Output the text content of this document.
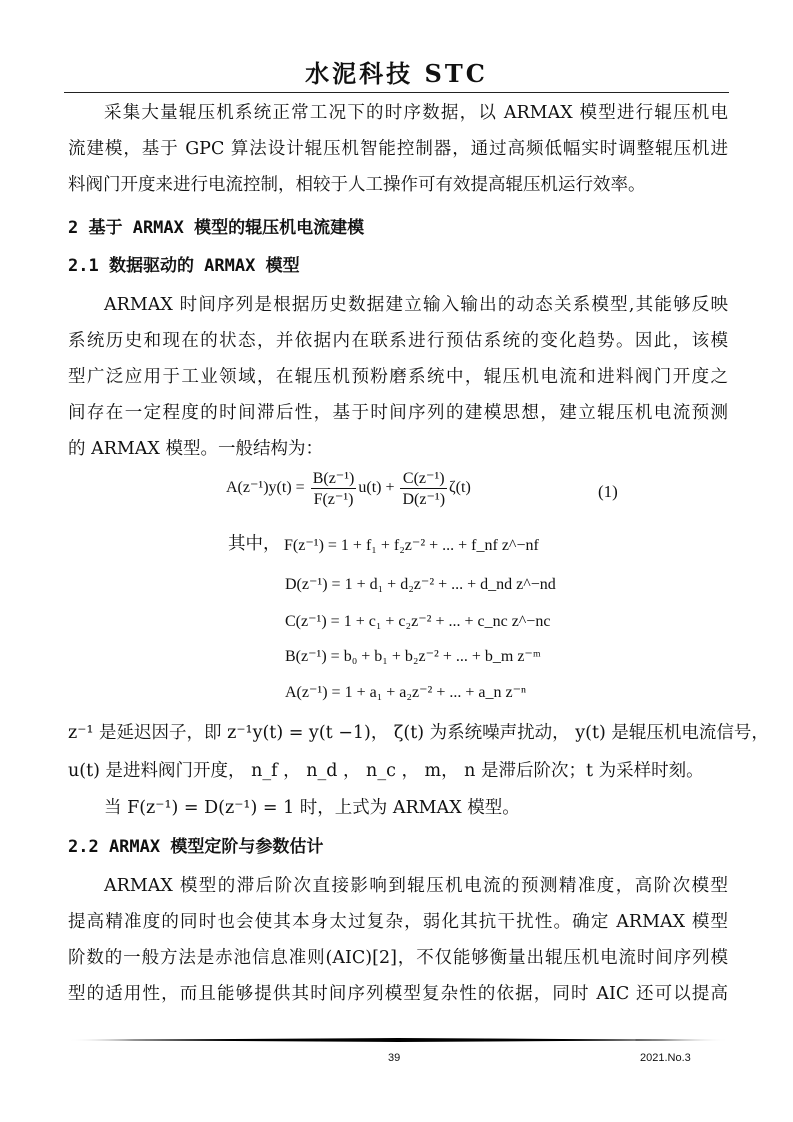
水泥科技 STC
采集大量辊压机系统正常工况下的时序数据，以 ARMAX 模型进行辊压机电
流建模，基于 GPC 算法设计辊压机智能控制器，通过高频低幅实时调整辊压机进
料阀门开度来进行电流控制，相较于人工操作可有效提高辊压机运行效率。
2 基于 ARMAX 模型的辊压机电流建模
2.1 数据驱动的 ARMAX 模型
ARMAX 时间序列是根据历史数据建立输入输出的动态关系模型,其能够反映
系统历史和现在的状态，并依据内在联系进行预估系统的变化趋势。因此，该模
型广泛应用于工业领域，在辊压机预粉磨系统中，辊压机电流和进料阀门开度之
间存在一定程度的时间滞后性，基于时间序列的建模思想，建立辊压机电流预测
的 ARMAX 模型。一般结构为：
$A(z^{-1})y(t) = \frac{\text{B(z⁻¹)}}{\text{F(z⁻¹)}} u(t) + \frac{\text{C(z⁻¹)}}{\text{D(z⁻¹)}} \zeta(t)$	(1)
其中， F(z⁻¹) = 1 + f₁ + f₂z⁻² + ... + f_nf z^−nf
D(z⁻¹) = 1 + d₁ + d₂z⁻² + ... + d_nd z^−nd
C(z⁻¹) = 1 + c₁ + c₂z⁻² + ... + c_nc z^−nc
B(z⁻¹) = b₀ + b₁ + b₂z⁻² + ... + b_m z⁻ᵐ
A(z⁻¹) = 1 + a₁ + a₂z⁻² + ... + a_n z⁻ⁿ
z⁻¹ 是延迟因子，即 z⁻¹y(t) = y(t −1)， ζ(t) 为系统噪声扰动， y(t) 是辊压机电流信号，
u(t) 是进料阀门开度， n_f ， n_d ， n_c ， m， n 是滞后阶次；t 为采样时刻。
当 F(z⁻¹) = D(z⁻¹) = 1 时，上式为 ARMAX 模型。
2.2 ARMAX 模型定阶与参数估计
ARMAX 模型的滞后阶次直接影响到辊压机电流的预测精准度，高阶次模型
提高精准度的同时也会使其本身太过复杂，弱化其抗干扰性。确定 ARMAX 模型
阶数的一般方法是赤池信息准则(AIC)[2]，不仅能够衡量出辊压机电流时间序列模
型的适用性，而且能够提供其时间序列模型复杂性的依据，同时 AIC 还可以提高
39	2021.No.3
